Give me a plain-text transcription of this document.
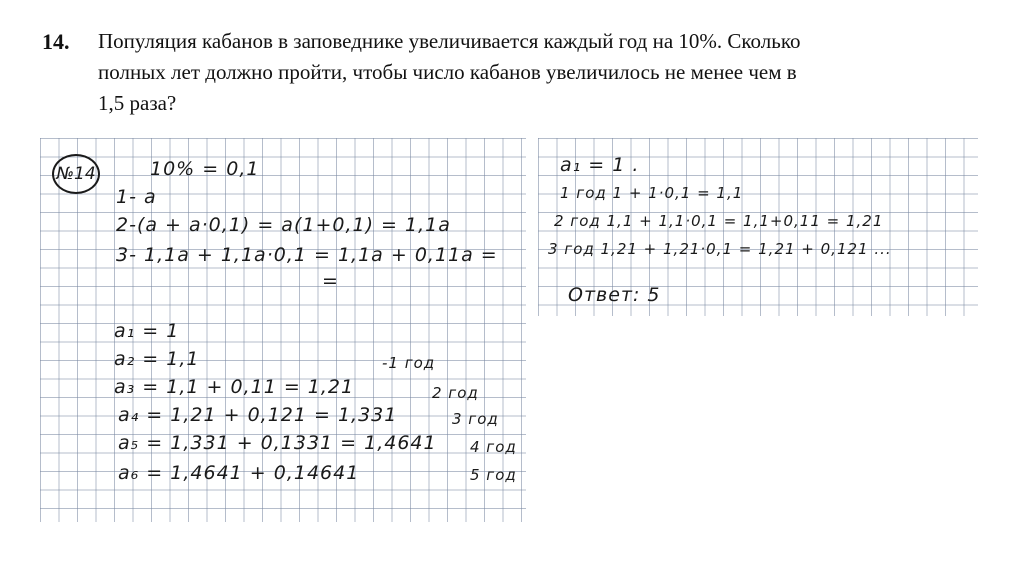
14. Популяция кабанов в заповеднике увеличивается каждый год на 10%. Сколько полных лет должно пройти, чтобы число кабанов увеличилось не менее чем в 1,5 раза?
№14	10% = 0,1
1- a
2-(a + a·0,1) = a(1+0,1) = 1,1a
3- 1,1a + 1,1a·0,1 = 1,1a + 0,11a =
=
a₁ = 1
a₂ = 1,1	-1 год
a₃ = 1,1 + 0,11 = 1,21	2 год
a₄ = 1,21 + 0,121 = 1,331	3 год
a₅ = 1,331 + 0,1331 = 1,4641 4 год
a₆ = 1,4641 + 0,14641	5 год
a₁ = 1 .
1 год 1 + 1·0,1 = 1,1
2 год 1,1 + 1,1·0,1 = 1,1+0,11 = 1,21
3 год 1,21 + 1,21·0,1 = 1,21 + 0,121 ...
Ответ: 5
